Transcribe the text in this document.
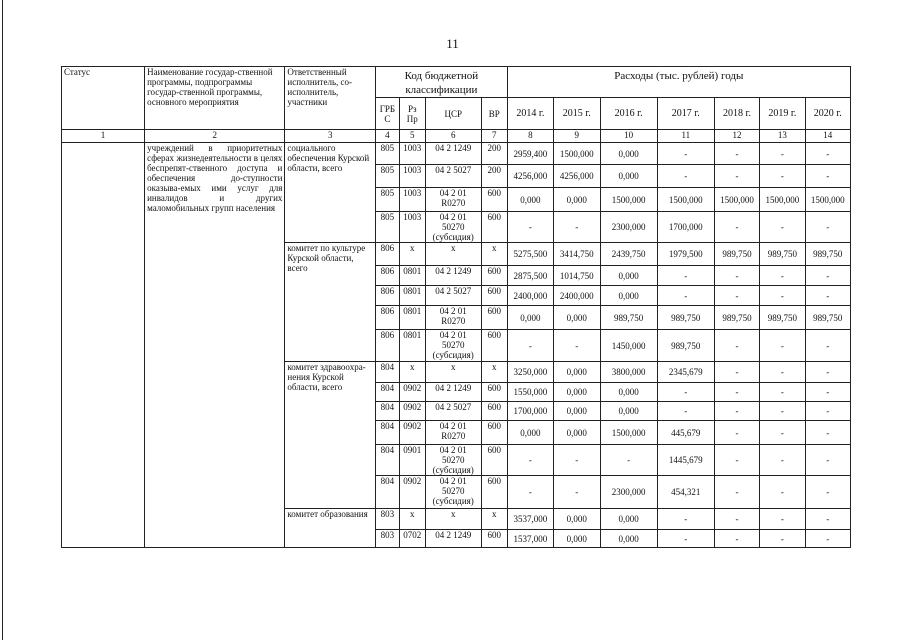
11
Статус	Наименование государ-ственной программы, подпрограммы государ-ственной программы, основного мероприятия	Ответственный исполнитель, со-исполнитель, участники	Код бюджетной классификации				Расходы (тыс. рублей) годы						
			ГРБ С	Рз Пр	ЦСР	ВР	2014 г.	2015 г.	2016 г.	2017 г.	2018 г.	2019 г.	2020 г.
1	2	3	4	5	6	7	8	9	10	11	12	13	14
	учреждений в приоритетных сферах жизнедеятельности в целях беспрепят-ственного доступа и обеспечения до-ступности оказыва-емых ими услуг для инвалидов и других маломобильных групп населения	социального обеспечения Курской области, всего	805	1003	04 2 1249	200	2959,400	1500,000	0,000	-	-	-	-
			805	1003	04 2 5027	200	4256,000	4256,000	0,000	-	-	-	-
			805	1003	04 2 01 R0270	600	0,000	0,000	1500,000	1500,000	1500,000	1500,000	1500,000
			805	1003	04 2 01 50270 (субсидия)	600	-	-	2300,000	1700,000	-	-	-
		комитет по культуре Курской области, всего	806	х	х	х	5275,500	3414,750	2439,750	1979,500	989,750	989,750	989,750
			806	0801	04 2 1249	600	2875,500	1014,750	0,000	-	-	-	-
			806	0801	04 2 5027	600	2400,000	2400,000	0,000	-	-	-	-
			806	0801	04 2 01 R0270	600	0,000	0,000	989,750	989,750	989,750	989,750	989,750
			806	0801	04 2 01 50270 (субсидия)	600	-	-	1450,000	989,750	-	-	-
		комитет здравоохра-нения Курской области, всего	804	х	х	х	3250,000	0,000	3800,000	2345,679	-	-	-
			804	0902	04 2 1249	600	1550,000	0,000	0,000	-	-	-	-
			804	0902	04 2 5027	600	1700,000	0,000	0,000	-	-	-	-
			804	0902	04 2 01 R0270	600	0,000	0,000	1500,000	445,679	-	-	-
			804	0901	04 2 01 50270 (субсидия)	600	-	-	-	1445,679	-	-	-
			804	0902	04 2 01 50270 (субсидия)	600	-	-	2300,000	454,321	-	-	-
		комитет образования	803	х	х	х	3537,000	0,000	0,000	-	-	-	-
			803	0702	04 2 1249	600	1537,000	0,000	0,000	-	-	-	-
